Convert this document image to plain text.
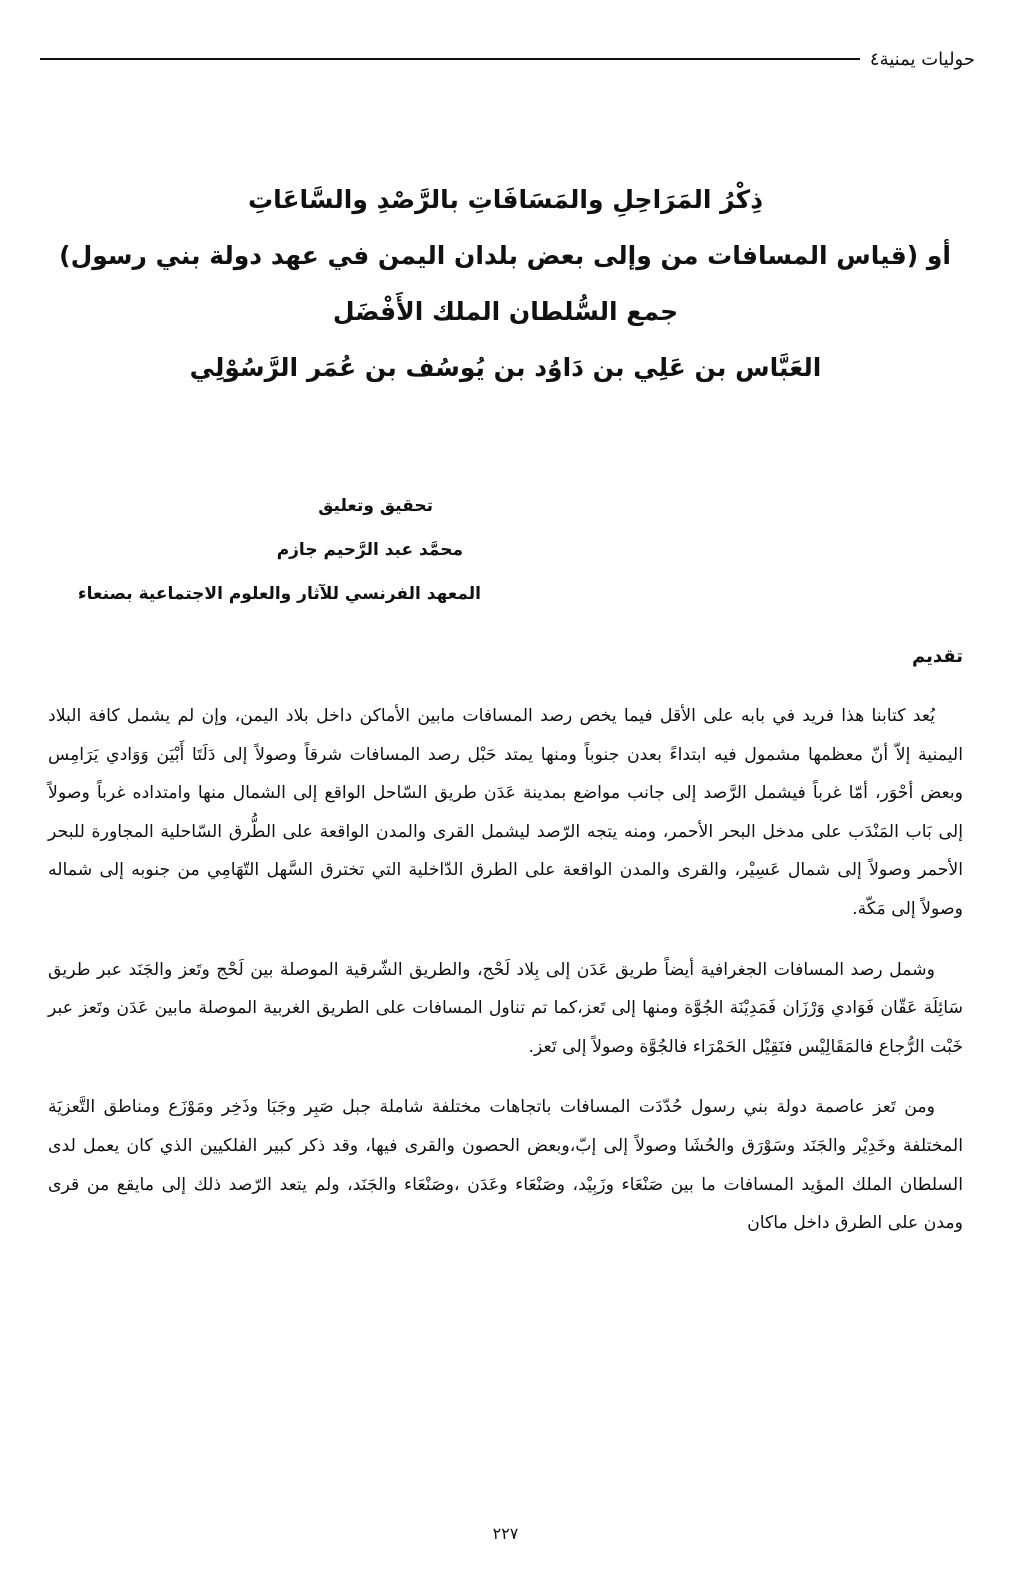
حوليات يمنية٤
ذِكْرُ المَرَاحِلِ والمَسَافَاتِ بالرَّصْدِ والسَّاعَاتِ
أو (قياس المسافات من وإلى بعض بلدان اليمن في عهد دولة بني رسول)
جمع السُّلطان الملك الأَفْضَل
العَبَّاس بن عَلِي بن دَاوُد بن يُوسُف بن عُمَر الرَّسُوْلِي
تحقيق وتعليق
محمَّد عبد الرَّحيم جازم
المعهد الفرنسي للآثار والعلوم الاجتماعية بصنعاء
تقديم

يُعد كتابنا هذا فريد في بابه على الأقل فيما يخص رصد المسافات مابين الأماكن داخل بلاد اليمن، وإن لم يشمل كافة البلاد اليمنية إلاّ أنّ معظمها مشمول فيه ابتداءً بعدن جنوباً ومنها يمتد حَبْل رصد المسافات شرقاً وصولاً إلى دَلَتَا أَبْيَن وَوَادي يَرَامِس وبعض أحْوَر، أمّا غرباً فيشمل الرَّصد إلى جانب مواضع بمدينة عَدَن طريق السّاحل الواقع إلى الشمال منها وامتداده غرباً وصولاً إلى بَاب المَنْدَب على مدخل البحر الأحمر، ومنه يتجه الرّصد ليشمل القرى والمدن الواقعة على الطُّرق السّاحلية المجاورة للبحر الأحمر وصولاً إلى شمال عَسِيْر، والقرى والمدن الواقعة على الطرق الدّاخلية التي تخترق السَّهل التّهَامِي من جنوبه إلى شماله وصولاً إلى مَكّة.

وشمل رصد المسافات الجغرافية أيضاً طريق عَدَن إلى بِلاد لَحْج، والطريق الشّرقية الموصلة بين لَحْج وتَعز والجَنَد عبر طريق سَائِلَة عَقّان فَوَادي وَرْزَان فَمَدِيْنَة الجُوَّة ومنها إلى تَعز،كما تم تناول المسافات على الطريق الغربية الموصلة مابين عَدَن وتَعز عبر خَبْت الرُّجاع فالمَقَالِيْس فنَقِيْل الحَمْرَاء فالجُوَّة وصولاً إلى تَعز.

ومن تَعز عاصمة دولة بني رسول حُدّدَت المسافات باتجاهات مختلفة شاملة جبل صَبِر وجَبَا وذَخِر ومَوْزَع ومناطق التَّعزيَة المختلفة وخَدِيْر والجَنَد وسَوْرَق والحُشَا وصولاً إلى إبّ،وبعض الحصون والقرى فيها، وقد ذكر كبير الفلكيين الذي كان يعمل لدى السلطان الملك المؤيد المسافات ما بين صَنْعَاء وزَبِيْد، وصَنْعَاء وعَدَن ،وصَنْعَاء والجَنَد، ولم يتعد الرّصد ذلك إلى مايقع من قرى ومدن على الطرق داخل ماكان

٢٢٧
